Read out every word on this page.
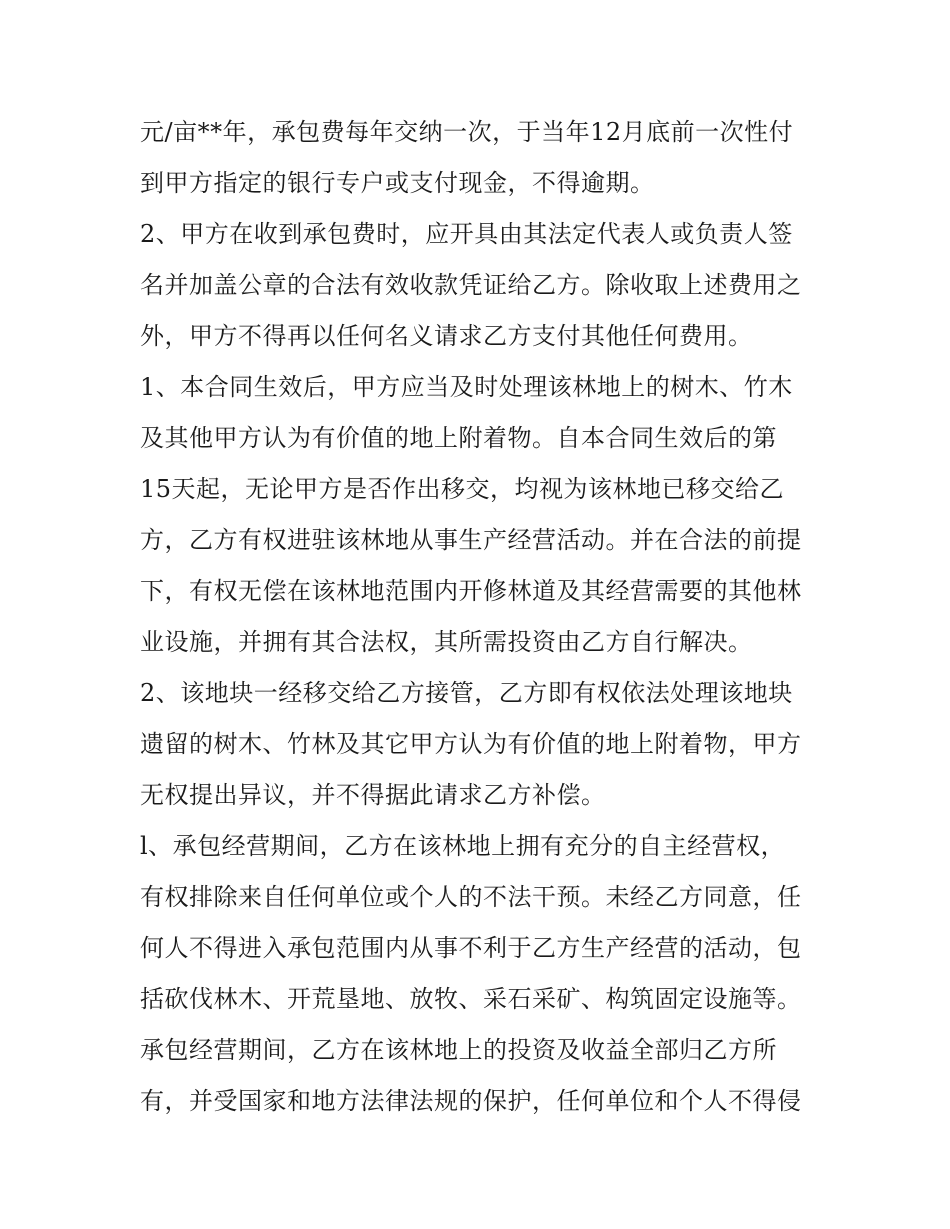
元/亩**年，承包费每年交纳一次，于当年12月底前一次性付
到甲方指定的银行专户或支付现金，不得逾期。
2、甲方在收到承包费时，应开具由其法定代表人或负责人签
名并加盖公章的合法有效收款凭证给乙方。除收取上述费用之
外，甲方不得再以任何名义请求乙方支付其他任何费用。
1、本合同生效后，甲方应当及时处理该林地上的树木、竹木
及其他甲方认为有价值的地上附着物。自本合同生效后的第
15天起，无论甲方是否作出移交，均视为该林地已移交给乙
方，乙方有权进驻该林地从事生产经营活动。并在合法的前提
下，有权无偿在该林地范围内开修林道及其经营需要的其他林
业设施，并拥有其合法权，其所需投资由乙方自行解决。
2、该地块一经移交给乙方接管，乙方即有权依法处理该地块
遗留的树木、竹林及其它甲方认为有价值的地上附着物，甲方
无权提出异议，并不得据此请求乙方补偿。
l、承包经营期间，乙方在该林地上拥有充分的自主经营权，
有权排除来自任何单位或个人的不法干预。未经乙方同意，任
何人不得进入承包范围内从事不利于乙方生产经营的活动，包
括砍伐林木、开荒垦地、放牧、采石采矿、构筑固定设施等。
承包经营期间，乙方在该林地上的投资及收益全部归乙方所
有，并受国家和地方法律法规的保护，任何单位和个人不得侵
